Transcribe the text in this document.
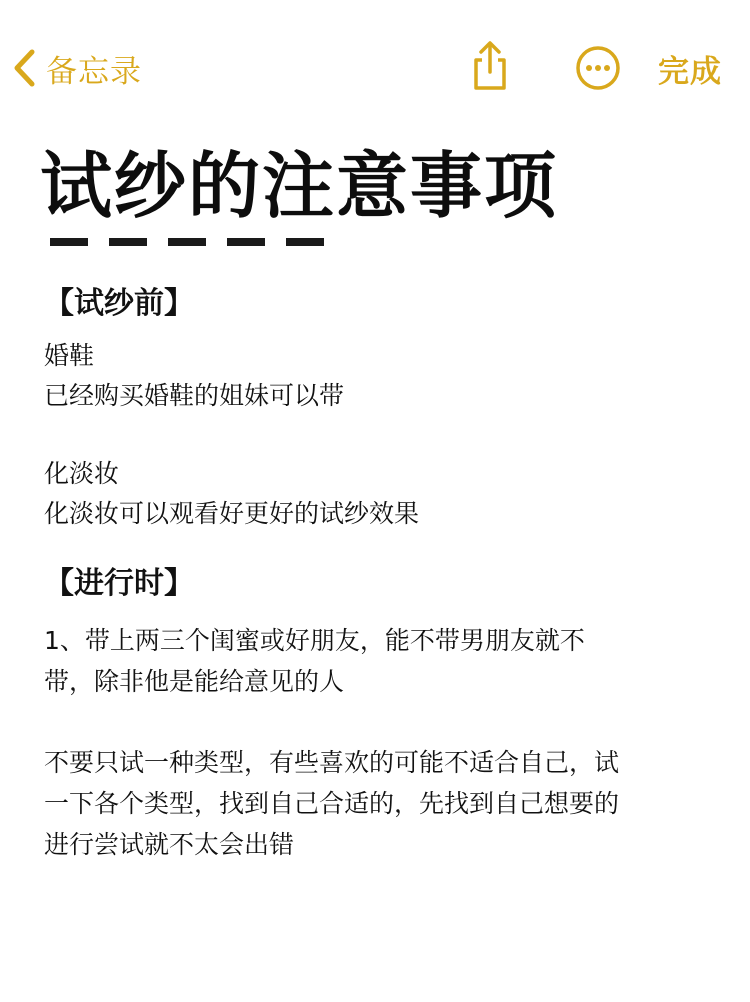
备忘录	完成
试纱的注意事项

【试纱前】

婚鞋

已经购买婚鞋的姐妹可以带

化淡妆

化淡妆可以观看好更好的试纱效果

【进行时】

1、带上两三个闺蜜或好朋友，能不带男朋友就不
带，除非他是能给意见的人

不要只试一种类型，有些喜欢的可能不适合自己，试
一下各个类型，找到自己合适的，先找到自己想要的
进行尝试就不太会出错
